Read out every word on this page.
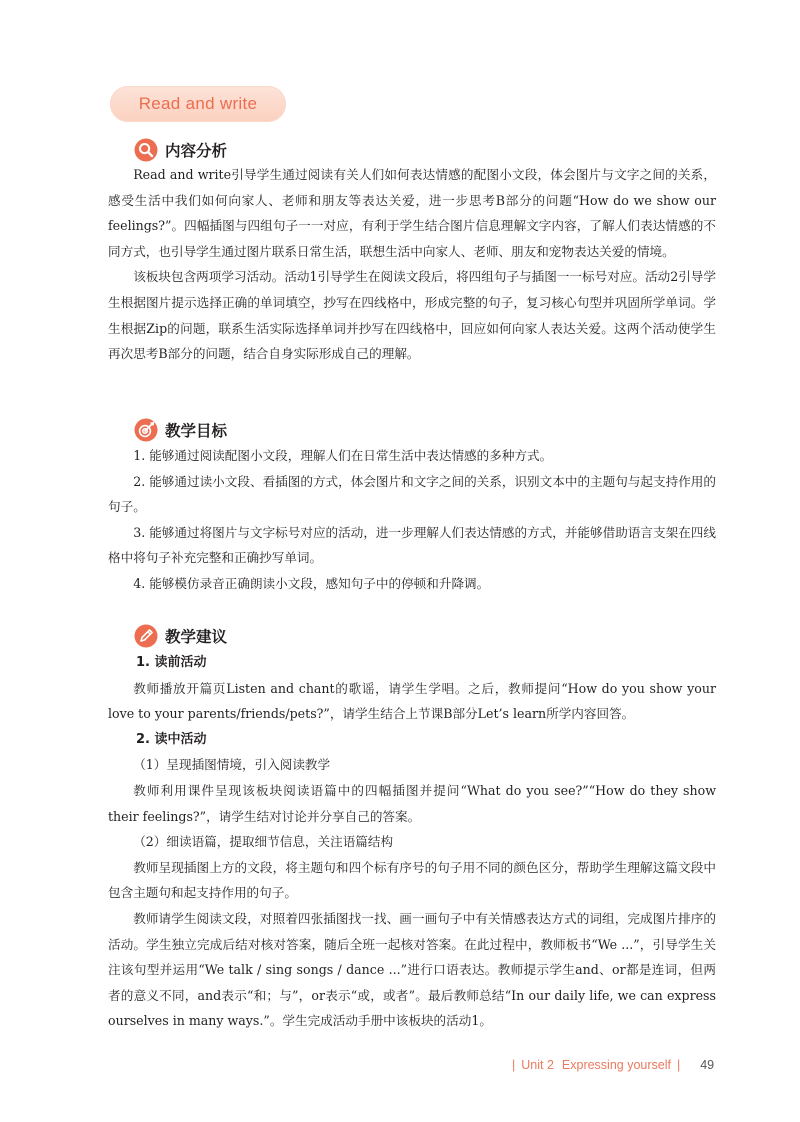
Read and write
内容分析

Read and write引导学生通过阅读有关人们如何表达情感的配图小文段，体会图片与文字之间的关系，感受生活中我们如何向家人、老师和朋友等表达关爱，进一步思考B部分的问题“How do we show our feelings?”。四幅插图与四组句子一一对应，有利于学生结合图片信息理解文字内容，了解人们表达情感的不同方式，也引导学生通过图片联系日常生活，联想生活中向家人、老师、朋友和宠物表达关爱的情境。

该板块包含两项学习活动。活动1引导学生在阅读文段后，将四组句子与插图一一标号对应。活动2引导学生根据图片提示选择正确的单词填空，抄写在四线格中，形成完整的句子，复习核心句型并巩固所学单词。学生根据Zip的问题，联系生活实际选择单词并抄写在四线格中，回应如何向家人表达关爱。这两个活动使学生再次思考B部分的问题，结合自身实际形成自己的理解。

教学目标

1. 能够通过阅读配图小文段，理解人们在日常生活中表达情感的多种方式。

2. 能够通过读小文段、看插图的方式，体会图片和文字之间的关系，识别文本中的主题句与起支持作用的句子。

3. 能够通过将图片与文字标号对应的活动，进一步理解人们表达情感的方式，并能够借助语言支架在四线格中将句子补充完整和正确抄写单词。

4. 能够模仿录音正确朗读小文段，感知句子中的停顿和升降调。

教学建议

1. 读前活动

教师播放开篇页Listen and chant的歌谣，请学生学唱。之后，教师提问“How do you show your love to your parents/friends/pets?”，请学生结合上节课B部分Let’s learn所学内容回答。

2. 读中活动

（1）呈现插图情境，引入阅读教学

教师利用课件呈现该板块阅读语篇中的四幅插图并提问“What do you see?”“How do they show their feelings?”，请学生结对讨论并分享自己的答案。

（2）细读语篇，提取细节信息，关注语篇结构

教师呈现插图上方的文段，将主题句和四个标有序号的句子用不同的颜色区分，帮助学生理解这篇文段中包含主题句和起支持作用的句子。

教师请学生阅读文段，对照着四张插图找一找、画一画句子中有关情感表达方式的词组，完成图片排序的活动。学生独立完成后结对核对答案，随后全班一起核对答案。在此过程中，教师板书“We ...”，引导学生关注该句型并运用“We talk / sing songs / dance ...”进行口语表达。教师提示学生and、or都是连词，但两者的意义不同，and表示“和；与”，or表示“或，或者”。最后教师总结“In our daily life, we can express ourselves in many ways.”。学生完成活动手册中该板块的活动1。

| Unit 2 Expressing yourself | 49
